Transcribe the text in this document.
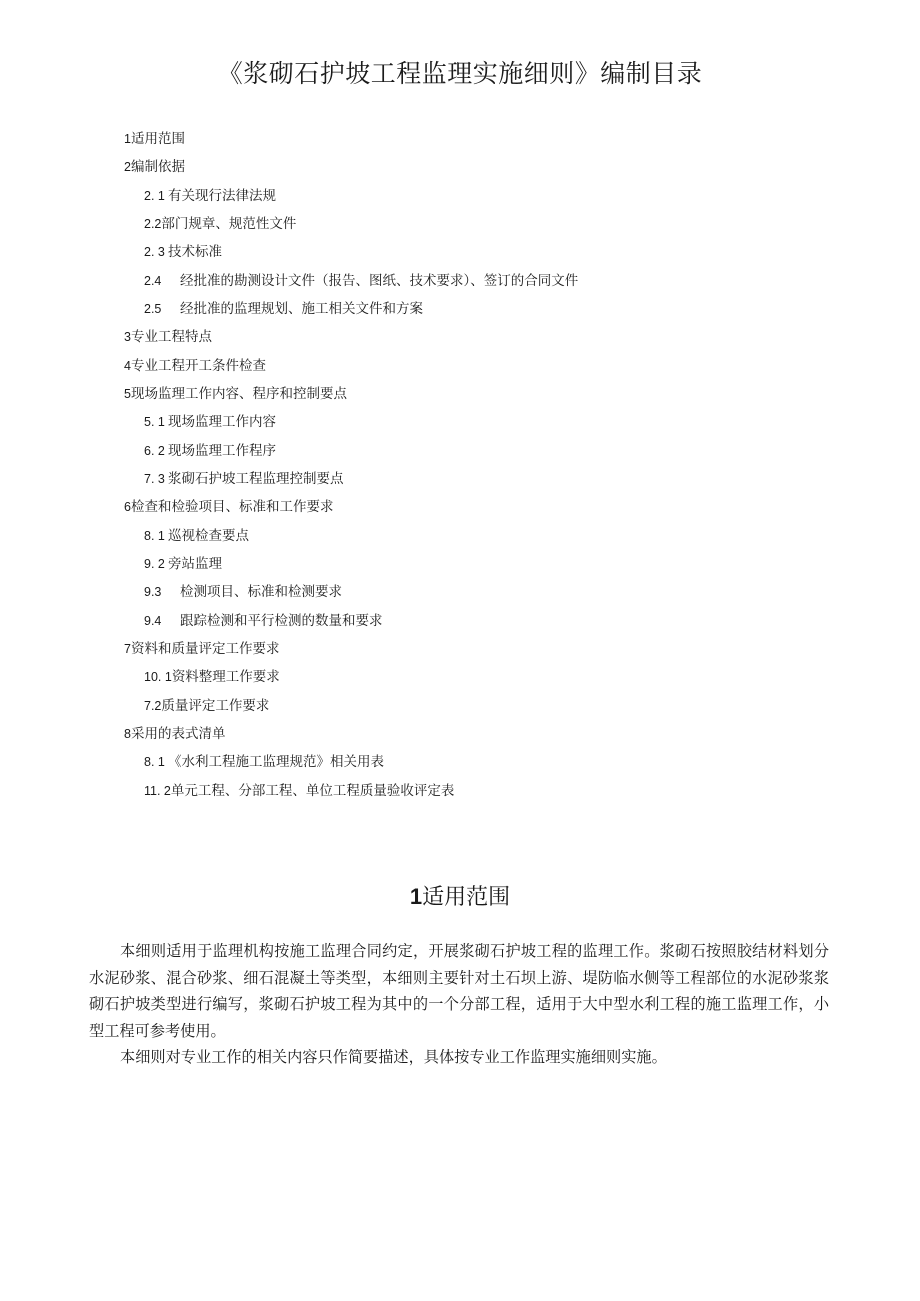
《浆砌石护坡工程监理实施细则》编制目录
1适用范围
2编制依据
2. 1 有关现行法律法规
2.2部门规章、规范性文件
2. 3 技术标准
2.4 经批准的勘测设计文件（报告、图纸、技术要求）、签订的合同文件
2.5 经批准的监理规划、施工相关文件和方案
3专业工程特点
4专业工程开工条件检查
5现场监理工作内容、程序和控制要点
5. 1 现场监理工作内容
6. 2 现场监理工作程序
7. 3 浆砌石护坡工程监理控制要点
6检查和检验项目、标准和工作要求
8. 1 巡视检查要点
9. 2 旁站监理
9.3 检测项目、标准和检测要求
9.4 跟踪检测和平行检测的数量和要求
7资料和质量评定工作要求
10. 1资料整理工作要求
7.2质量评定工作要求
8采用的表式清单
8. 1 《水利工程施工监理规范》相关用表
11. 2单元工程、分部工程、单位工程质量验收评定表
1适用范围

本细则适用于监理机构按施工监理合同约定，开展浆砌石护坡工程的监理工作。浆砌石按照胶结材料划分水泥砂浆、混合砂浆、细石混凝土等类型，本细则主要针对土石坝上游、堤防临水侧等工程部位的水泥砂浆浆砌石护坡类型进行编写，浆砌石护坡工程为其中的一个分部工程，适用于大中型水利工程的施工监理工作，小型工程可参考使用。

本细则对专业工作的相关内容只作简要描述，具体按专业工作监理实施细则实施。
